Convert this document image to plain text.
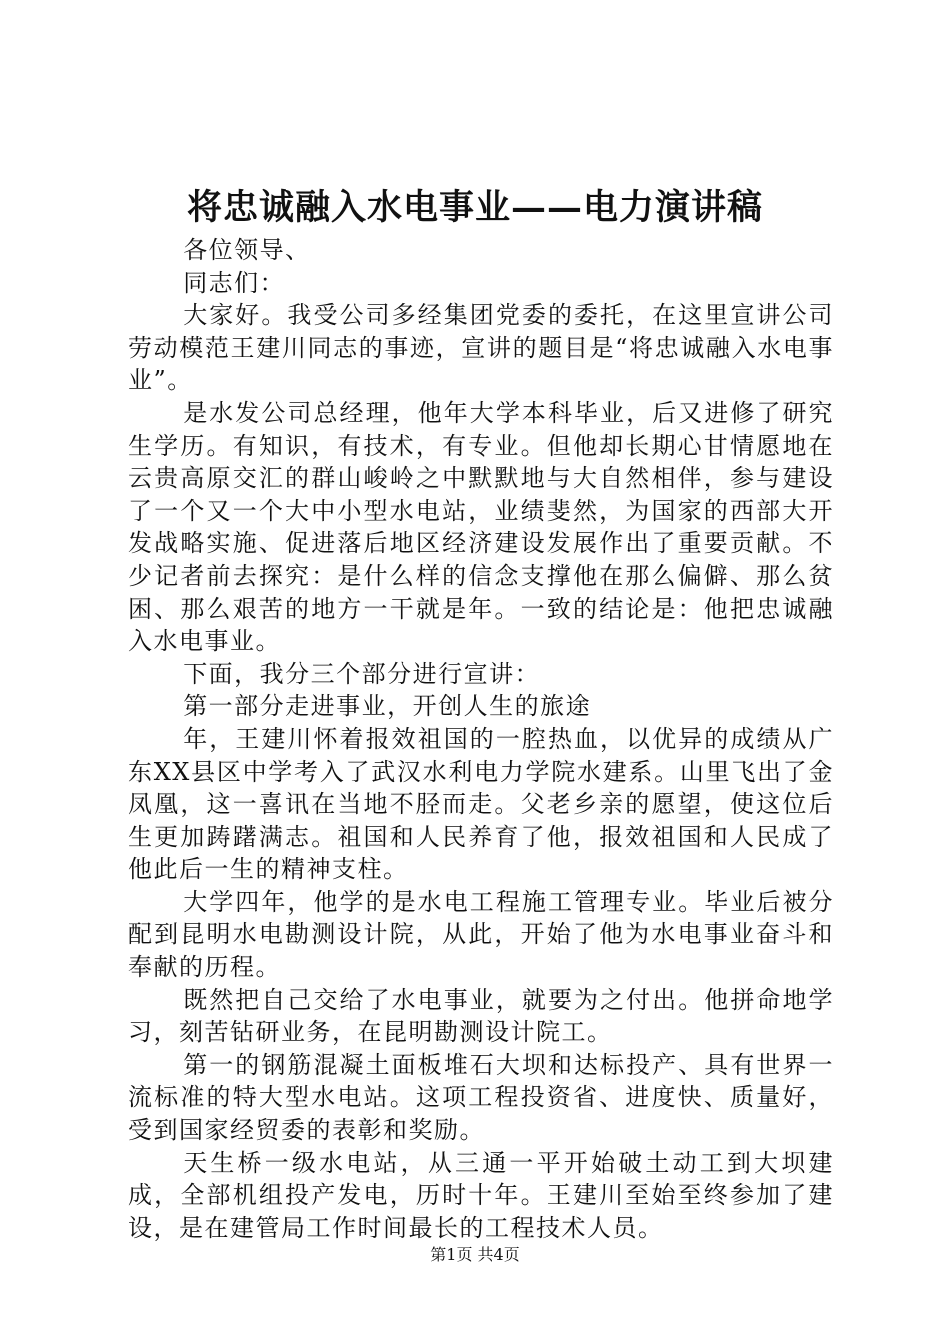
将忠诚融入水电事业——电力演讲稿

各位领导、

同志们：

大家好。我受公司多经集团党委的委托，在这里宣讲公司劳动模范王建川同志的事迹，宣讲的题目是“将忠诚融入水电事业”。

是水发公司总经理，他年大学本科毕业，后又进修了研究生学历。有知识，有技术，有专业。但他却长期心甘情愿地在云贵高原交汇的群山峻岭之中默默地与大自然相伴，参与建设了一个又一个大中小型水电站，业绩斐然，为国家的西部大开发战略实施、促进落后地区经济建设发展作出了重要贡献。不少记者前去探究：是什么样的信念支撑他在那么偏僻、那么贫困、那么艰苦的地方一干就是年。一致的结论是：他把忠诚融入水电事业。

下面，我分三个部分进行宣讲：

第一部分走进事业，开创人生的旅途

年，王建川怀着报效祖国的一腔热血，以优异的成绩从广东XX县区中学考入了武汉水利电力学院水建系。山里飞出了金凤凰，这一喜讯在当地不胫而走。父老乡亲的愿望，使这位后生更加踌躇满志。祖国和人民养育了他，报效祖国和人民成了他此后一生的精神支柱。

大学四年，他学的是水电工程施工管理专业。毕业后被分配到昆明水电勘测设计院，从此，开始了他为水电事业奋斗和奉献的历程。

既然把自己交给了水电事业，就要为之付出。他拼命地学习，刻苦钻研业务，在昆明勘测设计院工。

第一的钢筋混凝土面板堆石大坝和达标投产、具有世界一流标准的特大型水电站。这项工程投资省、进度快、质量好，受到国家经贸委的表彰和奖励。

天生桥一级水电站，从三通一平开始破土动工到大坝建成，全部机组投产发电，历时十年。王建川至始至终参加了建设，是在建管局工作时间最长的工程技术人员。

第1页 共4页
